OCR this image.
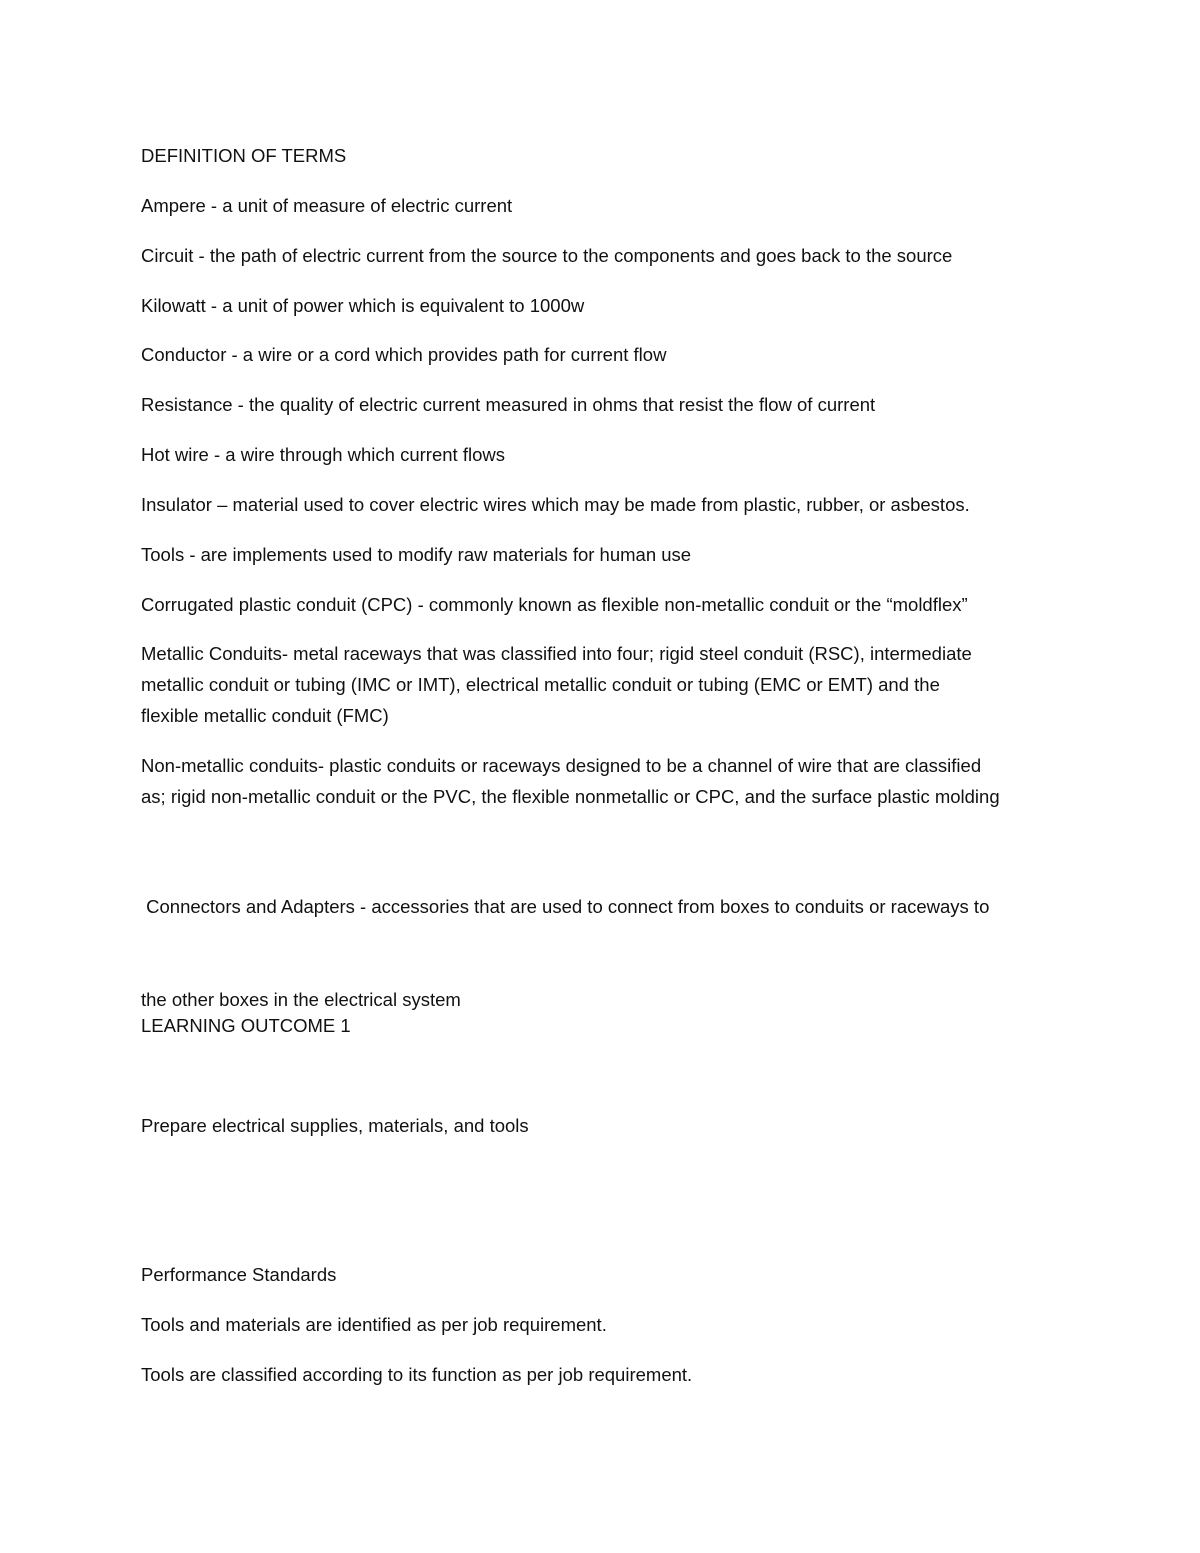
DEFINITION OF TERMS
Ampere - a unit of measure of electric current
Circuit - the path of electric current from the source to the components and goes back to the source
Kilowatt - a unit of power which is equivalent to 1000w
Conductor - a wire or a cord which provides path for current flow
Resistance - the quality of electric current measured in ohms that resist the flow of current
Hot wire - a wire through which current flows
Insulator – material used to cover electric wires which may be made from plastic, rubber, or asbestos.
Tools - are implements used to modify raw materials for human use
Corrugated plastic conduit (CPC) - commonly known as flexible non-metallic conduit or the “moldflex”
Metallic Conduits- metal raceways that was classified into four; rigid steel conduit (RSC), intermediate
metallic conduit or tubing (IMC or IMT), electrical metallic conduit or tubing (EMC or EMT) and the
flexible metallic conduit (FMC)
Non-metallic conduits- plastic conduits or raceways designed to be a channel of wire that are classified
as; rigid non-metallic conduit or the PVC, the flexible nonmetallic or CPC, and the surface plastic molding

Connectors and Adapters - accessories that are used to connect from boxes to conduits or raceways to

the other boxes in the electrical system

LEARNING OUTCOME 1
Prepare electrical supplies, materials, and tools
Performance Standards
Tools and materials are identified as per job requirement.
Tools are classified according to its function as per job requirement.
